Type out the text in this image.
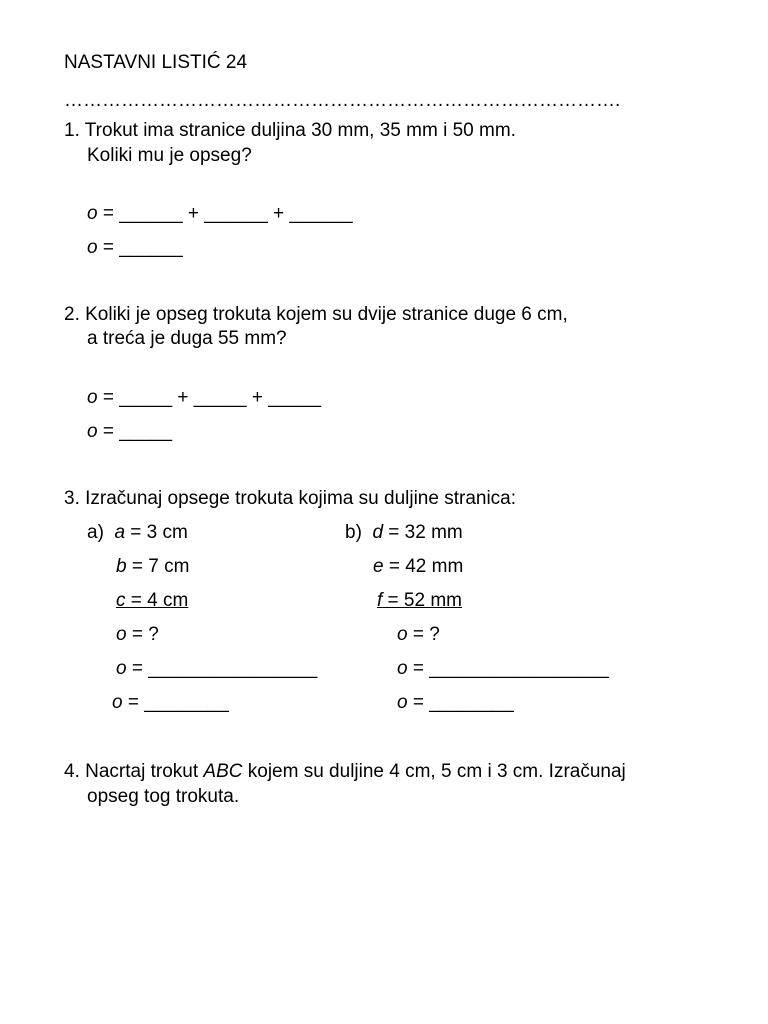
NASTAVNI LISTIĆ 24
…………………………………………………………………………….
1. Trokut ima stranice duljina 30 mm, 35 mm i 50 mm.
Koliki mu je opseg?
o = ______ + ______ + ______
o = ______
2. Koliki je opseg trokuta kojem su dvije stranice duge 6 cm,
a treća je duga 55 mm?
o = _____ + _____ + _____
o = _____
3. Izračunaj opsege trokuta kojima su duljine stranica:
a)  a = 3 cm
b = 7 cm
c = 4 cm
o = ?
o = ________________
o = ________
b)  d = 32 mm
e = 42 mm
f = 52 mm
o = ?
o = _________________
o = ________
4. Nacrtaj trokut ABC kojem su duljine 4 cm, 5 cm i 3 cm. Izračunaj
opseg tog trokuta.
